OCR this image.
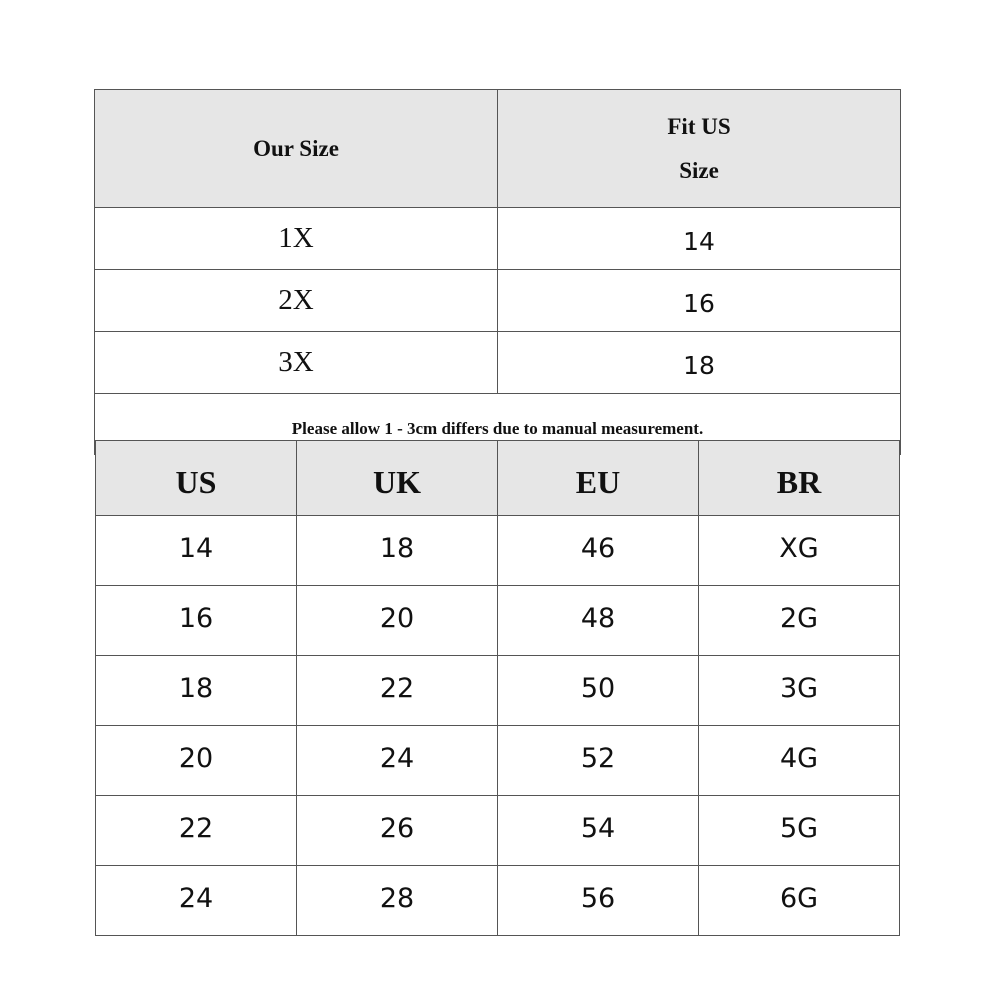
Our Size	Fit US
Size

1X	14
2X	16
3X	18
Please allow 1 - 3cm differs due to manual measurement.	
US	UK	EU	BR
14	18	46	XG
16	20	48	2G
18	22	50	3G
20	24	52	4G
22	26	54	5G
24	28	56	6G
